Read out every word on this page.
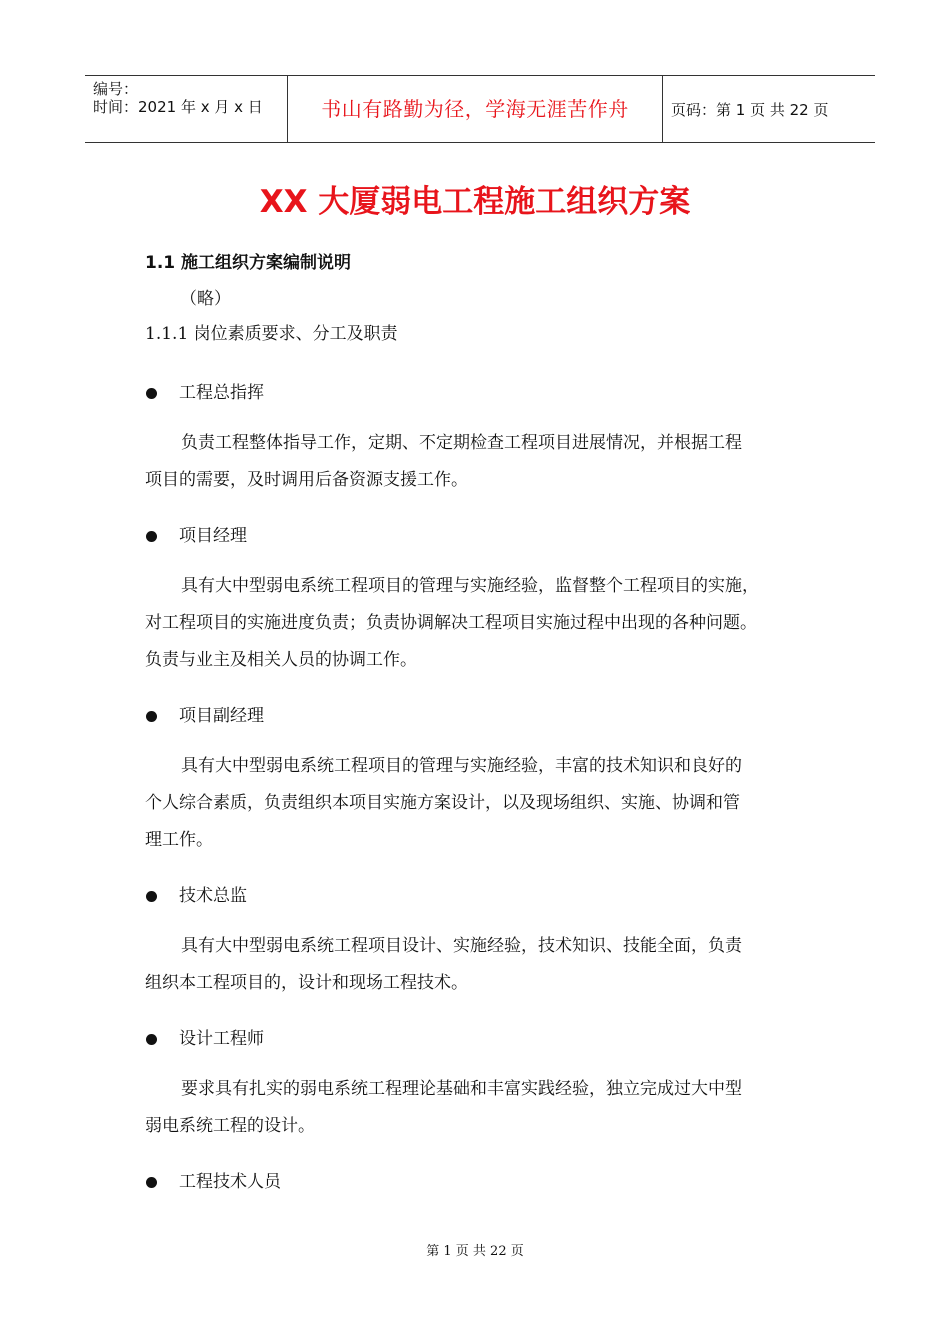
编号：
时间：2021 年 x 月 x 日	书山有路勤为径，学海无涯苦作舟	页码：第 1 页 共 22 页
XX 大厦弱电工程施工组织方案
1.1 施工组织方案编制说明
（略）
1.1.1 岗位素质要求、分工及职责
工程总指挥
负责工程整体指导工作，定期、不定期检查工程项目进展情况，并根据工程
项目的需要，及时调用后备资源支援工作。
项目经理
具有大中型弱电系统工程项目的管理与实施经验，监督整个工程项目的实施，
对工程项目的实施进度负责；负责协调解决工程项目实施过程中出现的各种问题。
负责与业主及相关人员的协调工作。
项目副经理
具有大中型弱电系统工程项目的管理与实施经验，丰富的技术知识和良好的
个人综合素质，负责组织本项目实施方案设计，以及现场组织、实施、协调和管
理工作。
技术总监
具有大中型弱电系统工程项目设计、实施经验，技术知识、技能全面，负责
组织本工程项目的，设计和现场工程技术。
设计工程师
要求具有扎实的弱电系统工程理论基础和丰富实践经验，独立完成过大中型
弱电系统工程的设计。
工程技术人员
第 1 页 共 22 页
